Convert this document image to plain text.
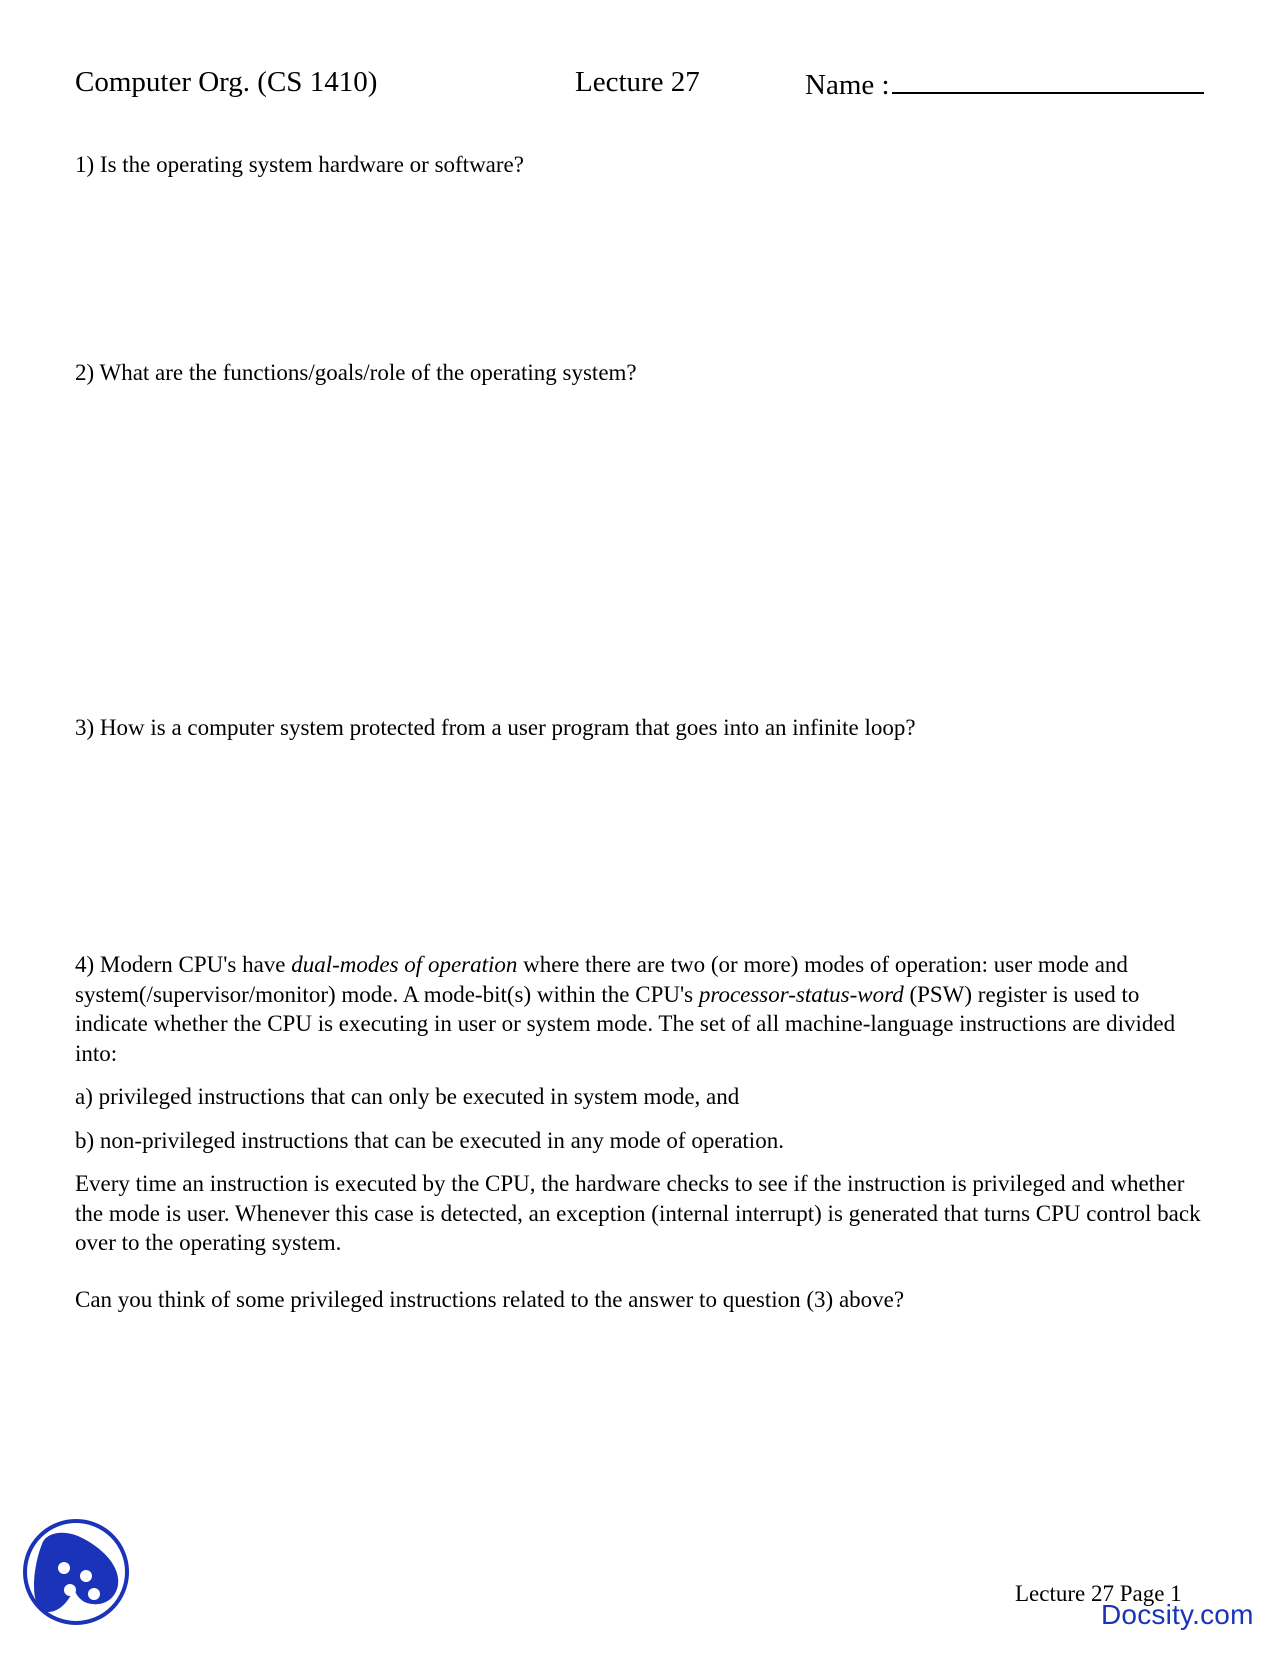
Computer Org. (CS 1410)	Lecture 27	Name :
1) Is the operating system hardware or software?
2) What are the functions/goals/role of the operating system?
3) How is a computer system protected from a user program that goes into an infinite loop?

4) Modern CPU's have dual-modes of operation where there are two (or more) modes of operation: user mode and system(/supervisor/monitor) mode. A mode-bit(s) within the CPU's processor-status-word (PSW) register is used to indicate whether the CPU is executing in user or system mode. The set of all machine-language instructions are divided into:

a) privileged instructions that can only be executed in system mode, and

b) non-privileged instructions that can be executed in any mode of operation.

Every time an instruction is executed by the CPU, the hardware checks to see if the instruction is privileged and whether the mode is user. Whenever this case is detected, an exception (internal interrupt) is generated that turns CPU control back over to the operating system.

Can you think of some privileged instructions related to the answer to question (3) above?

Lecture 27 Page 1
Docsity.com
